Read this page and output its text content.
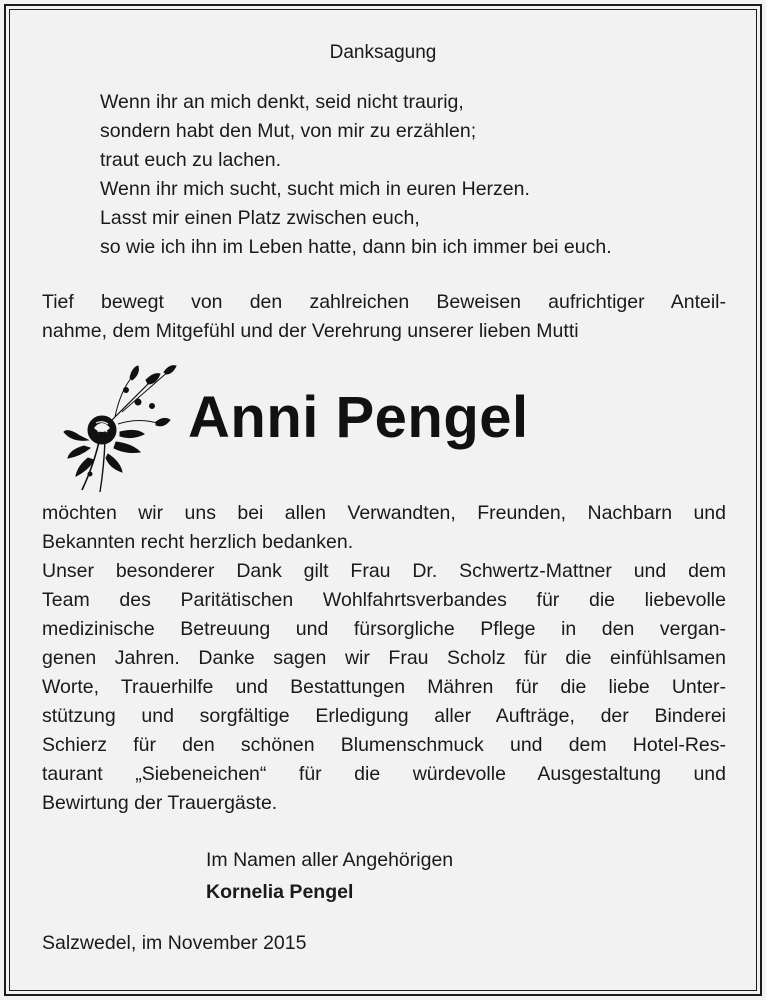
Danksagung
Wenn ihr an mich denkt, seid nicht traurig,
sondern habt den Mut, von mir zu erzählen;
traut euch zu lachen.
Wenn ihr mich sucht, sucht mich in euren Herzen.
Lasst mir einen Platz zwischen euch,
so wie ich ihn im Leben hatte, dann bin ich immer bei euch.
Tief bewegt von den zahlreichen Beweisen aufrichtiger Anteil-
nahme, dem Mitgefühl und der Verehrung unserer lieben Mutti
Anni Pengel
möchten wir uns bei allen Verwandten, Freunden, Nachbarn und
Bekannten recht herzlich bedanken.
Unser besonderer Dank gilt Frau Dr. Schwertz-Mattner und dem
Team des Paritätischen Wohlfahrtsverbandes für die liebevolle
medizinische Betreuung und fürsorgliche Pflege in den vergan-
genen Jahren. Danke sagen wir Frau Scholz für die einfühlsamen
Worte, Trauerhilfe und Bestattungen Mähren für die liebe Unter-
stützung und sorgfältige Erledigung aller Aufträge, der Binderei
Schierz für den schönen Blumenschmuck und dem Hotel-Res-
taurant „Siebeneichen“ für die würdevolle Ausgestaltung und
Bewirtung der Trauergäste.
Im Namen aller Angehörigen
Kornelia Pengel
Salzwedel, im November 2015
